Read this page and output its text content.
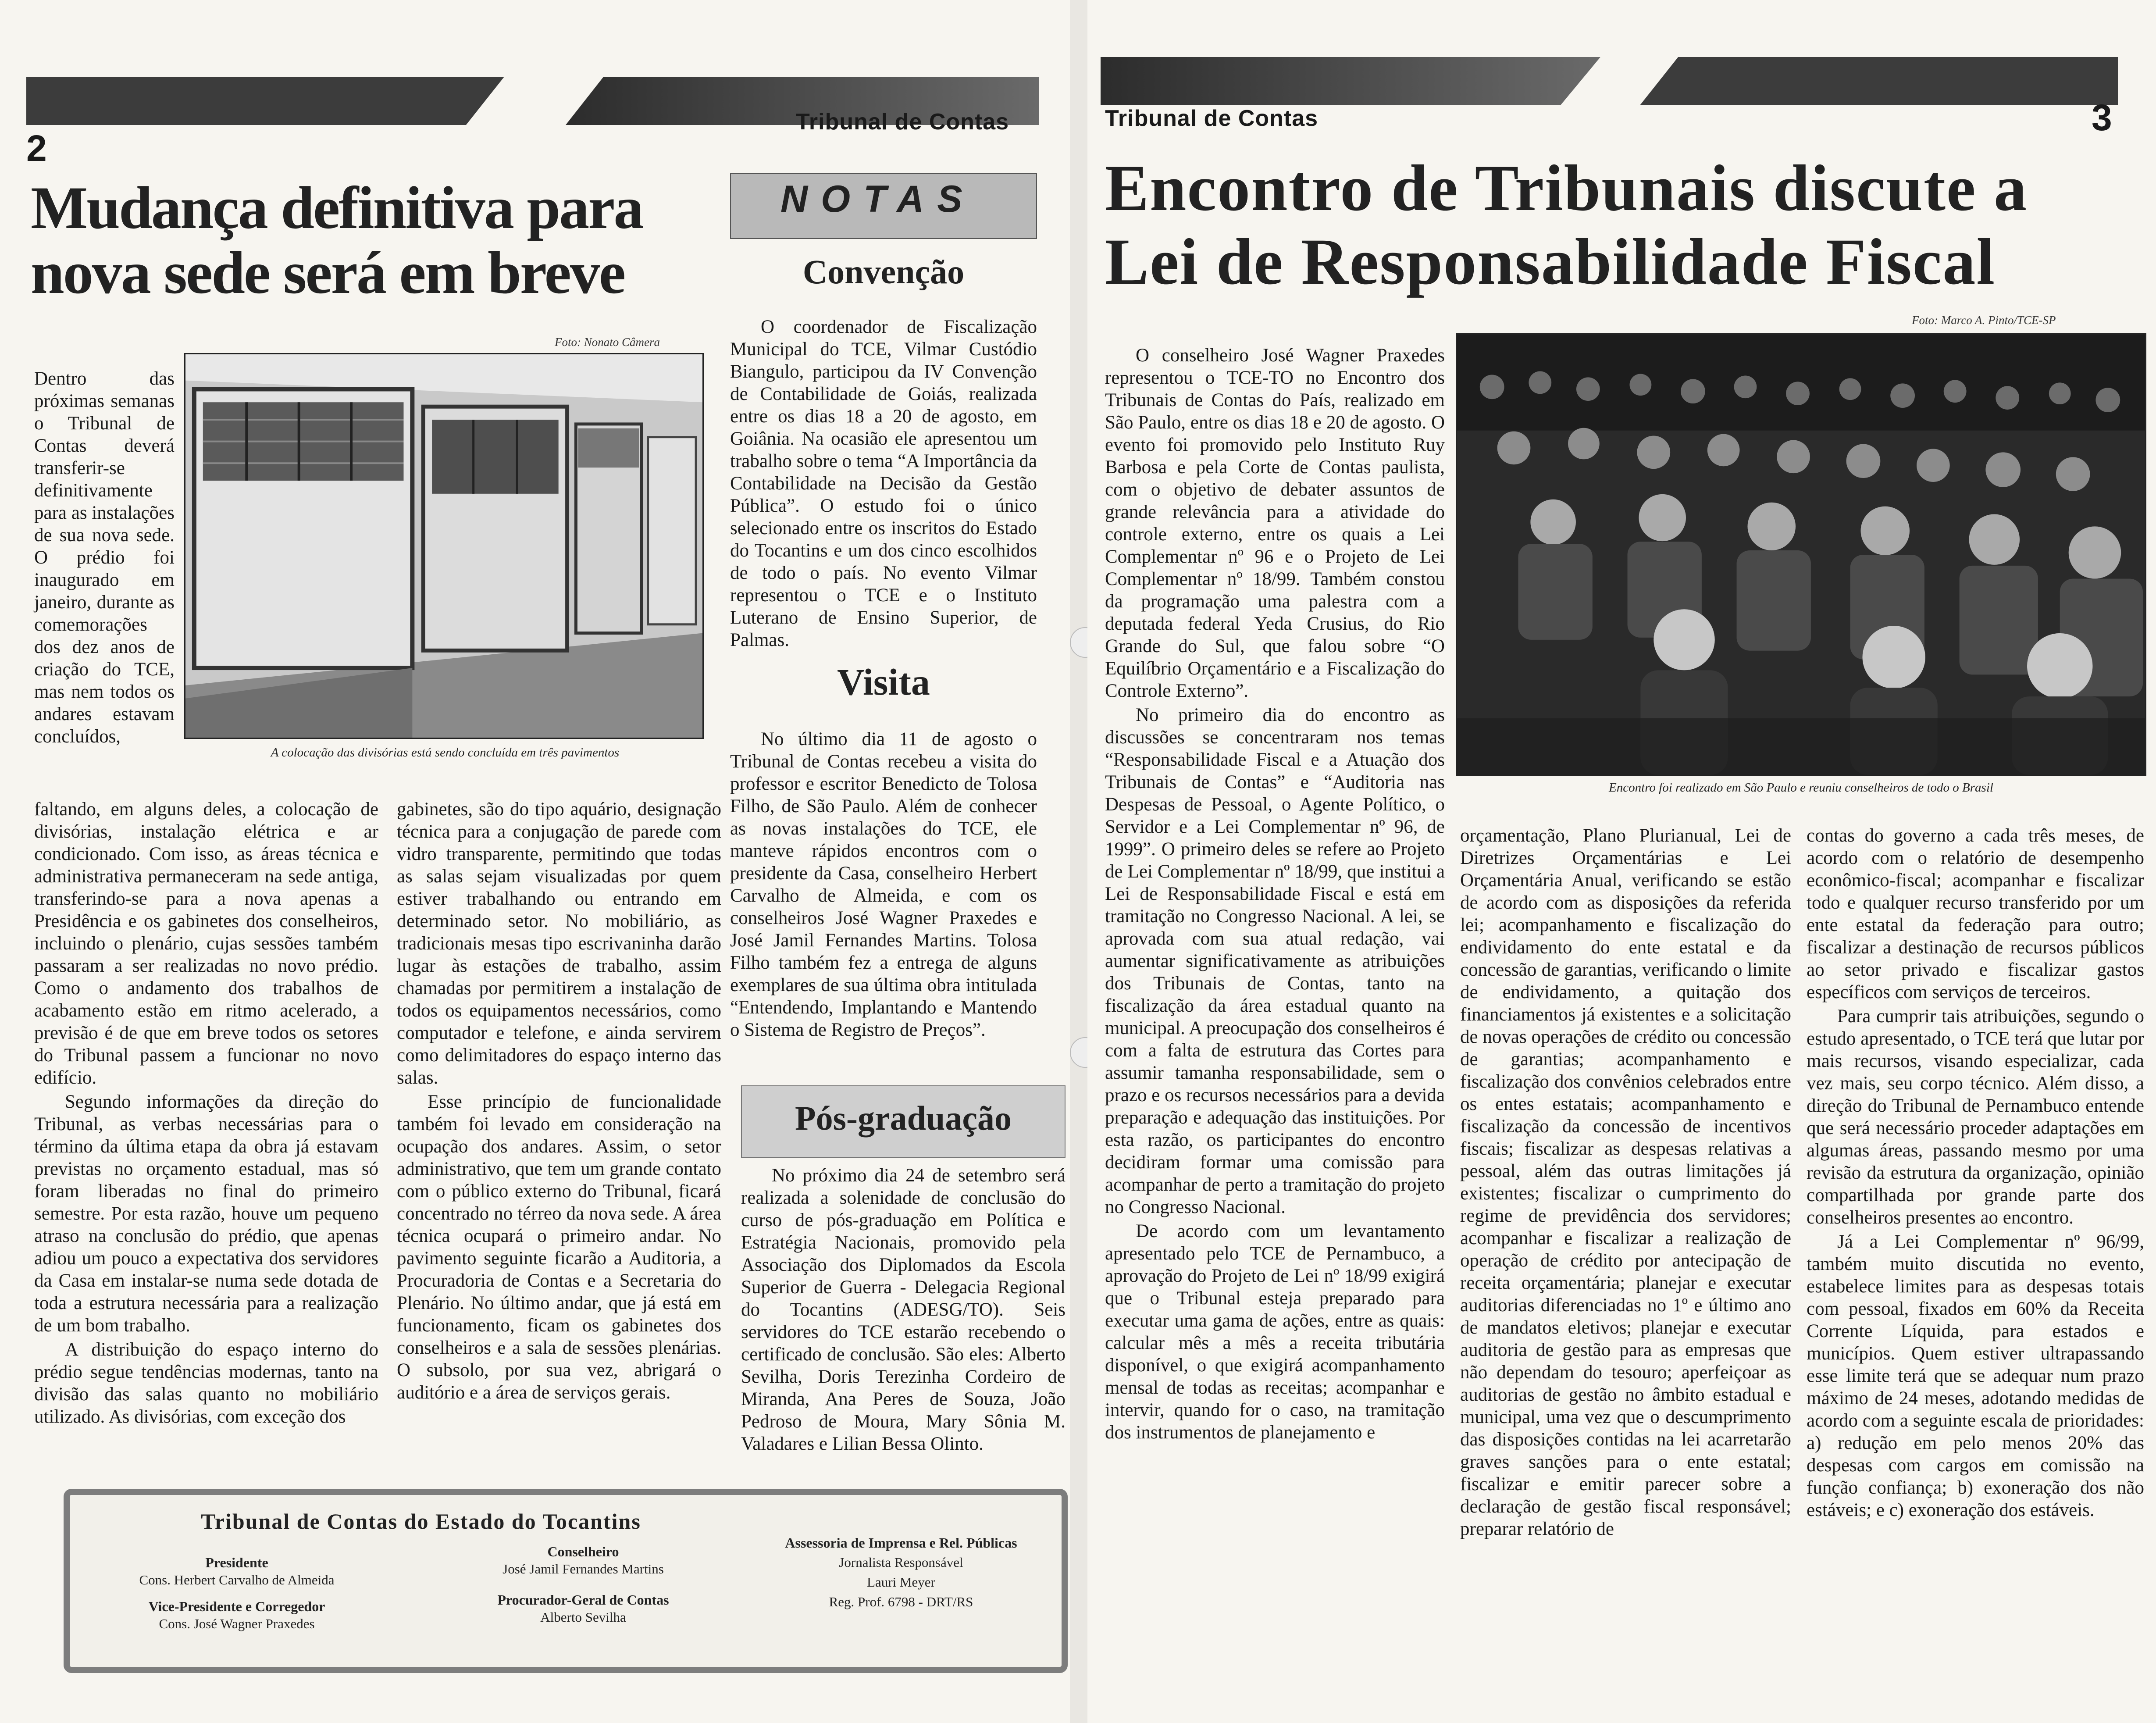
2
Tribunal de Contas
Mudança definitiva para
nova sede será em breve
Foto: Nonato Câmera
A colocação das divisórias está sendo concluída em três pavimentos

Dentro das próximas semanas o Tribunal de Contas deverá transferir-se definitivamente para as instalações de sua nova sede. O prédio foi inaugurado em janeiro, durante as comemorações dos dez anos de criação do TCE, mas nem todos os andares estavam concluídos,

faltando, em alguns deles, a colocação de divisórias, instalação elétrica e ar condicionado. Com isso, as áreas técnica e administrativa permaneceram na sede antiga, transferindo-se para a nova apenas a Presidência e os gabinetes dos conselheiros, incluindo o plenário, cujas sessões também passaram a ser realizadas no novo prédio. Como o andamento dos trabalhos de acabamento estão em ritmo acelerado, a previsão é de que em breve todos os setores do Tribunal passem a funcionar no novo edifício.

Segundo informações da direção do Tribunal, as verbas necessárias para o término da última etapa da obra já estavam previstas no orçamento estadual, mas só foram liberadas no final do primeiro semestre. Por esta razão, houve um pequeno atraso na conclusão do prédio, que apenas adiou um pouco a expectativa dos servidores da Casa em instalar-se numa sede dotada de toda a estrutura necessária para a realização de um bom trabalho.

A distribuição do espaço interno do prédio segue tendências modernas, tanto na divisão das salas quanto no mobiliário utilizado. As divisórias, com exceção dos

gabinetes, são do tipo aquário, designação técnica para a conjugação de parede com vidro transparente, permitindo que todas as salas sejam visualizadas por quem estiver trabalhando ou entrando em determinado setor. No mobiliário, as tradicionais mesas tipo escrivaninha darão lugar às estações de trabalho, assim chamadas por permitirem a instalação de todos os equipamentos necessários, como computador e telefone, e ainda servirem como delimitadores do espaço interno das salas.

Esse princípio de funcionalidade também foi levado em consideração na ocupação dos andares. Assim, o setor administrativo, que tem um grande contato com o público externo do Tribunal, ficará concentrado no térreo da nova sede. A área técnica ocupará o primeiro andar. No pavimento seguinte ficarão a Auditoria, a Procuradoria de Contas e a Secretaria do Plenário. No último andar, que já está em funcionamento, ficam os gabinetes dos conselheiros e a sala de sessões plenárias. O subsolo, por sua vez, abrigará o auditório e a área de serviços gerais.

NOTAS
Convenção

O coordenador de Fiscalização Municipal do TCE, Vilmar Custódio Biangulo, participou da IV Convenção de Contabilidade de Goiás, realizada entre os dias 18 a 20 de agosto, em Goiânia. Na ocasião ele apresentou um trabalho sobre o tema “A Importância da Contabilidade na Decisão da Gestão Pública”. O estudo foi o único selecionado entre os inscritos do Estado do Tocantins e um dos cinco escolhidos de todo o país. No evento Vilmar representou o TCE e o Instituto Luterano de Ensino Superior, de Palmas.

Visita

No último dia 11 de agosto o Tribunal de Contas recebeu a visita do professor e escritor Benedicto de Tolosa Filho, de São Paulo. Além de conhecer as novas instalações do TCE, ele manteve rápidos encontros com o presidente da Casa, conselheiro Herbert Carvalho de Almeida, e com os conselheiros José Wagner Praxedes e José Jamil Fernandes Martins. Tolosa Filho também fez a entrega de alguns exemplares de sua última obra intitulada “Entendendo, Implantando e Mantendo o Sistema de Registro de Preços”.

Pós-graduação

No próximo dia 24 de setembro será realizada a solenidade de conclusão do curso de pós-graduação em Política e Estratégia Nacionais, promovido pela Associação dos Diplomados da Escola Superior de Guerra - Delegacia Regional do Tocantins (ADESG/TO). Seis servidores do TCE estarão recebendo o certificado de conclusão. São eles: Alberto Sevilha, Doris Terezinha Cordeiro de Miranda, Ana Peres de Souza, João Pedroso de Moura, Mary Sônia M. Valadares e Lilian Bessa Olinto.

Tribunal de Contas do Estado do Tocantins
Presidente
Cons. Herbert Carvalho de Almeida
Vice-Presidente e Corregedor
Cons. José Wagner Praxedes
Conselheiro
José Jamil Fernandes Martins
Procurador-Geral de Contas
Alberto Sevilha
Assessoria de Imprensa e Rel. Públicas
Jornalista Responsável
Lauri Meyer
Reg. Prof. 6798 - DRT/RS
Tribunal de Contas	3
Encontro de Tribunais discute a
Lei de Responsabilidade Fiscal
Foto: Marco A. Pinto/TCE-SP
Encontro foi realizado em São Paulo e reuniu conselheiros de todo o Brasil

O conselheiro José Wagner Praxedes representou o TCE-TO no Encontro dos Tribunais de Contas do País, realizado em São Paulo, entre os dias 18 e 20 de agosto. O evento foi promovido pelo Instituto Ruy Barbosa e pela Corte de Contas paulista, com o objetivo de debater assuntos de grande relevância para a atividade do controle externo, entre os quais a Lei Complementar nº 96 e o Projeto de Lei Complementar nº 18/99. Também constou da programação uma palestra com a deputada federal Yeda Crusius, do Rio Grande do Sul, que falou sobre “O Equilíbrio Orçamentário e a Fiscalização do Controle Externo”.

No primeiro dia do encontro as discussões se concentraram nos temas “Responsabilidade Fiscal e a Atuação dos Tribunais de Contas” e “Auditoria nas Despesas de Pessoal, o Agente Político, o Servidor e a Lei Complementar nº 96, de 1999”. O primeiro deles se refere ao Projeto de Lei Complementar nº 18/99, que institui a Lei de Responsabilidade Fiscal e está em tramitação no Congresso Nacional. A lei, se aprovada com sua atual redação, vai aumentar significativamente as atribuições dos Tribunais de Contas, tanto na fiscalização da área estadual quanto na municipal. A preocupação dos conselheiros é com a falta de estrutura das Cortes para assumir tamanha responsabilidade, sem o prazo e os recursos necessários para a devida preparação e adequação das instituições. Por esta razão, os participantes do encontro decidiram formar uma comissão para acompanhar de perto a tramitação do projeto no Congresso Nacional.

De acordo com um levantamento apresentado pelo TCE de Pernambuco, a aprovação do Projeto de Lei nº 18/99 exigirá que o Tribunal esteja preparado para executar uma gama de ações, entre as quais: calcular mês a mês a receita tributária disponível, o que exigirá acompanhamento mensal de todas as receitas; acompanhar e intervir, quando for o caso, na tramitação dos instrumentos de planejamento e

orçamentação, Plano Plurianual, Lei de Diretrizes Orçamentárias e Lei Orçamentária Anual, verificando se estão de acordo com as disposições da referida lei; acompanhamento e fiscalização do endividamento do ente estatal e da concessão de garantias, verificando o limite de endividamento, a quitação dos financiamentos já existentes e a solicitação de novas operações de crédito ou concessão de garantias; acompanhamento e fiscalização dos convênios celebrados entre os entes estatais; acompanhamento e fiscalização da concessão de incentivos fiscais; fiscalizar as despesas relativas a pessoal, além das outras limitações já existentes; fiscalizar o cumprimento do regime de previdência dos servidores; acompanhar e fiscalizar a realização de operação de crédito por antecipação de receita orçamentária; planejar e executar auditorias diferenciadas no 1º e último ano de mandatos eletivos; planejar e executar auditoria de gestão para as empresas que não dependam do tesouro; aperfeiçoar as auditorias de gestão no âmbito estadual e municipal, uma vez que o descumprimento das disposições contidas na lei acarretarão graves sanções para o ente estatal; fiscalizar e emitir parecer sobre a declaração de gestão fiscal responsável; preparar relatório de

contas do governo a cada três meses, de acordo com o relatório de desempenho econômico-fiscal; acompanhar e fiscalizar todo e qualquer recurso transferido por um ente estatal da federação para outro; fiscalizar a destinação de recursos públicos ao setor privado e fiscalizar gastos específicos com serviços de terceiros.

Para cumprir tais atribuições, segundo o estudo apresentado, o TCE terá que lutar por mais recursos, visando especializar, cada vez mais, seu corpo técnico. Além disso, a direção do Tribunal de Pernambuco entende que será necessário proceder adaptações em algumas áreas, passando mesmo por uma revisão da estrutura da organização, opinião compartilhada por grande parte dos conselheiros presentes ao encontro.

Já a Lei Complementar nº 96/99, também muito discutida no evento, estabelece limites para as despesas totais com pessoal, fixados em 60% da Receita Corrente Líquida, para estados e municípios. Quem estiver ultrapassando esse limite terá que se adequar num prazo máximo de 24 meses, adotando medidas de acordo com a seguinte escala de prioridades: a) redução em pelo menos 20% das despesas com cargos em comissão na função confiança; b) exoneração dos não estáveis; e c) exoneração dos estáveis.
